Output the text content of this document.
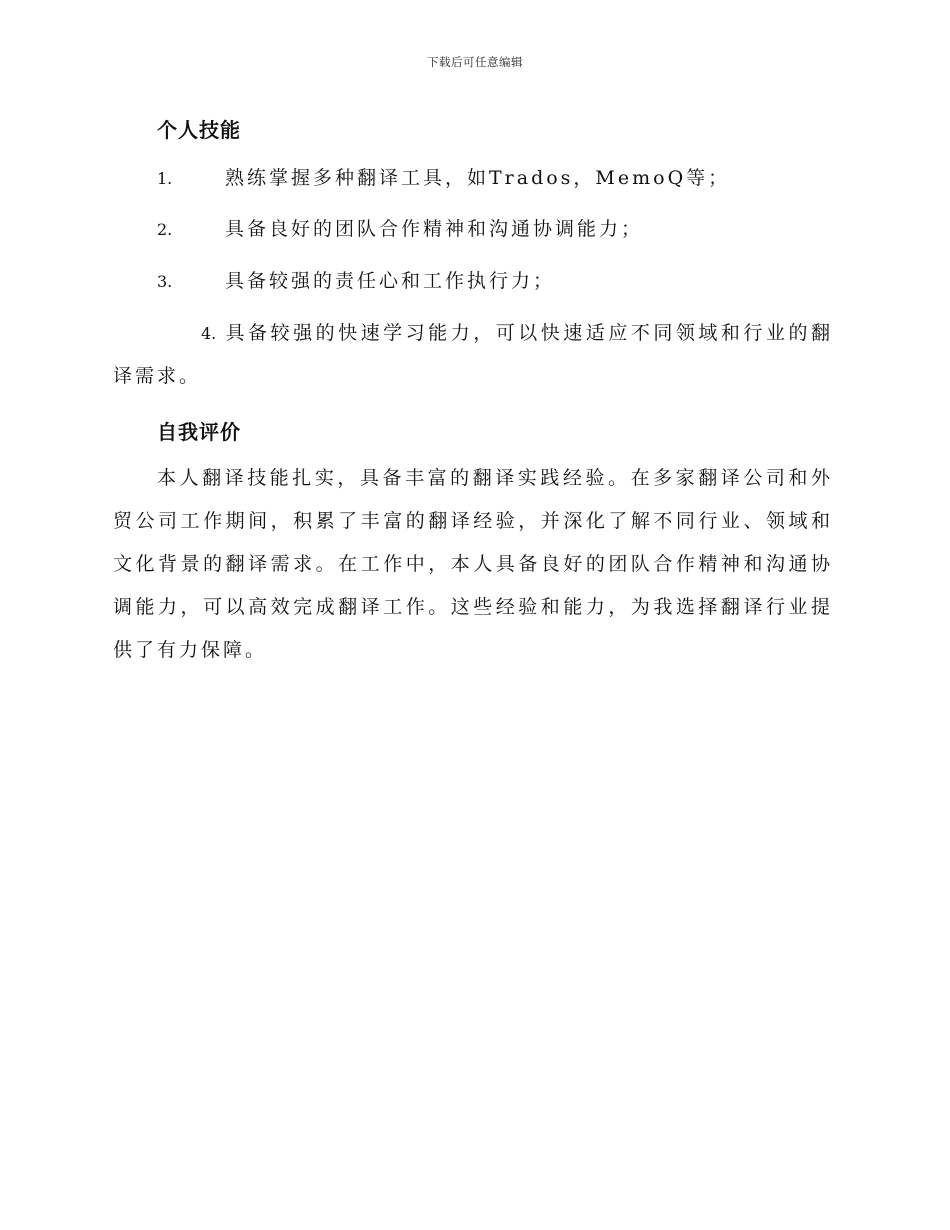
下载后可任意编辑
个人技能
1.	熟练掌握多种翻译工具，如Trados，MemoQ等；
2.	具备良好的团队合作精神和沟通协调能力；
3.	具备较强的责任心和工作执行力；
4. 具备较强的快速学习能力，可以快速适应不同领域和行业的翻译需求。
自我评价
本人翻译技能扎实，具备丰富的翻译实践经验。在多家翻译公司和外贸公司工作期间，积累了丰富的翻译经验，并深化了解不同行业、领域和文化背景的翻译需求。在工作中，本人具备良好的团队合作精神和沟通协调能力，可以高效完成翻译工作。这些经验和能力，为我选择翻译行业提供了有力保障。
